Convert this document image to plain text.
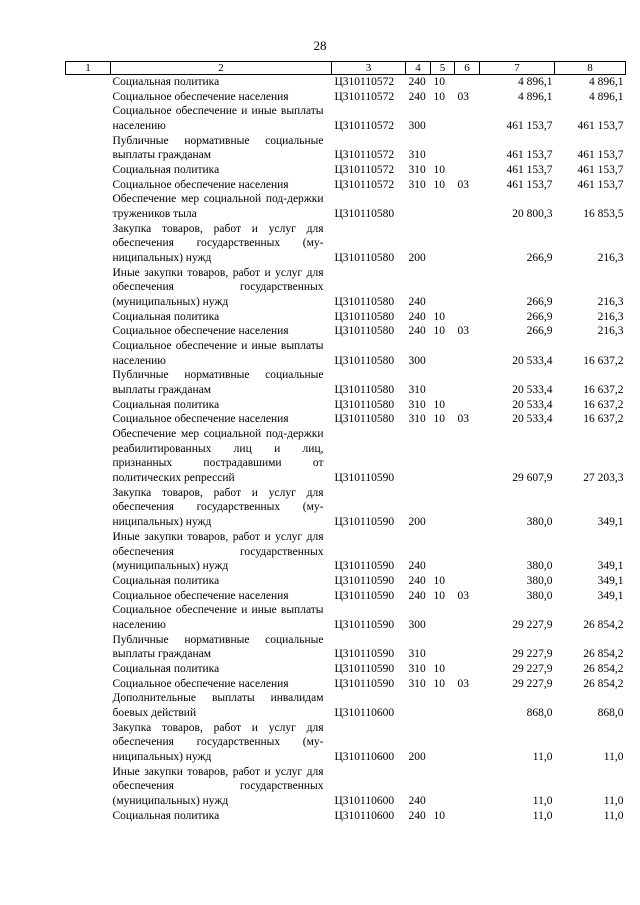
28
1	2	3	4	5	6	7	8
	Социальная политика	Ц310110572	240	10		4 896,1	4 896,1
	Социальное обеспечение населения	Ц310110572	240	10	03	4 896,1	4 896,1
	Социальное обеспечение и иные выплаты населению	Ц310110572	300			461 153,7	461 153,7
	Публичные нормативные социальные выплаты гражданам	Ц310110572	310			461 153,7	461 153,7
	Социальная политика	Ц310110572	310	10		461 153,7	461 153,7
	Социальное обеспечение населения	Ц310110572	310	10	03	461 153,7	461 153,7
	Обеспечение мер социальной под-держки тружеников тыла	Ц310110580				20 800,3	16 853,5
	Закупка товаров, работ и услуг для обеспечения государственных (му-ниципальных) нужд	Ц310110580	200			266,9	216,3
	Иные закупки товаров, работ и услуг для обеспечения государственных (муниципальных) нужд	Ц310110580	240			266,9	216,3
	Социальная политика	Ц310110580	240	10		266,9	216,3
	Социальное обеспечение населения	Ц310110580	240	10	03	266,9	216,3
	Социальное обеспечение и иные выплаты населению	Ц310110580	300			20 533,4	16 637,2
	Публичные нормативные социальные выплаты гражданам	Ц310110580	310			20 533,4	16 637,2
	Социальная политика	Ц310110580	310	10		20 533,4	16 637,2
	Социальное обеспечение населения	Ц310110580	310	10	03	20 533,4	16 637,2
	Обеспечение мер социальной под-держки реабилитированных лиц и лиц, признанных пострадавшими от политических репрессий	Ц310110590				29 607,9	27 203,3
	Закупка товаров, работ и услуг для обеспечения государственных (му-ниципальных) нужд	Ц310110590	200			380,0	349,1
	Иные закупки товаров, работ и услуг для обеспечения государственных (муниципальных) нужд	Ц310110590	240			380,0	349,1
	Социальная политика	Ц310110590	240	10		380,0	349,1
	Социальное обеспечение населения	Ц310110590	240	10	03	380,0	349,1
	Социальное обеспечение и иные выплаты населению	Ц310110590	300			29 227,9	26 854,2
	Публичные нормативные социальные выплаты гражданам	Ц310110590	310			29 227,9	26 854,2
	Социальная политика	Ц310110590	310	10		29 227,9	26 854,2
	Социальное обеспечение населения	Ц310110590	310	10	03	29 227,9	26 854,2
	Дополнительные выплаты инвалидам боевых действий	Ц310110600				868,0	868,0
	Закупка товаров, работ и услуг для обеспечения государственных (му-ниципальных) нужд	Ц310110600	200			11,0	11,0
	Иные закупки товаров, работ и услуг для обеспечения государственных (муниципальных) нужд	Ц310110600	240			11,0	11,0
	Социальная политика	Ц310110600	240	10		11,0	11,0
